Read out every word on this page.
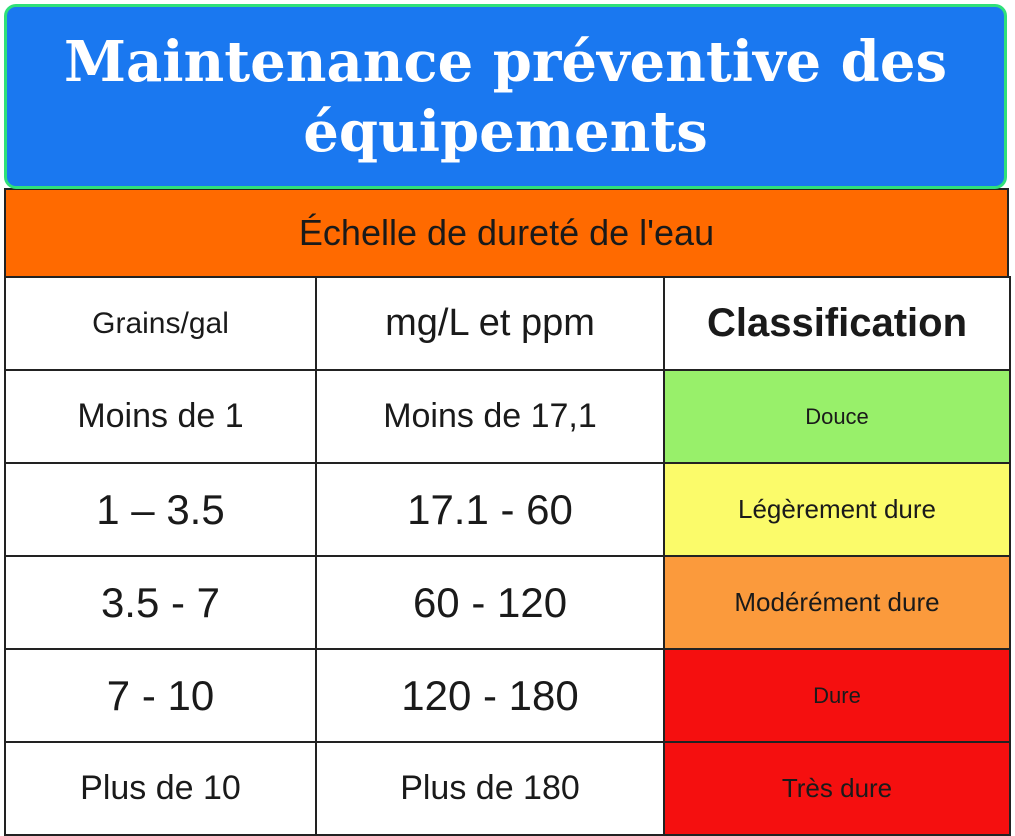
Maintenance préventive des équipements
Échelle de dureté de l'eau
Grains/gal	mg/L et ppm	Classification
Moins de 1	Moins de 17,1	Douce
1 – 3.5	17.1 - 60	Légèrement dure
3.5 - 7	60 - 120	Modérément dure
7 - 10	120 - 180	Dure
Plus de 10	Plus de 180	Très dure
